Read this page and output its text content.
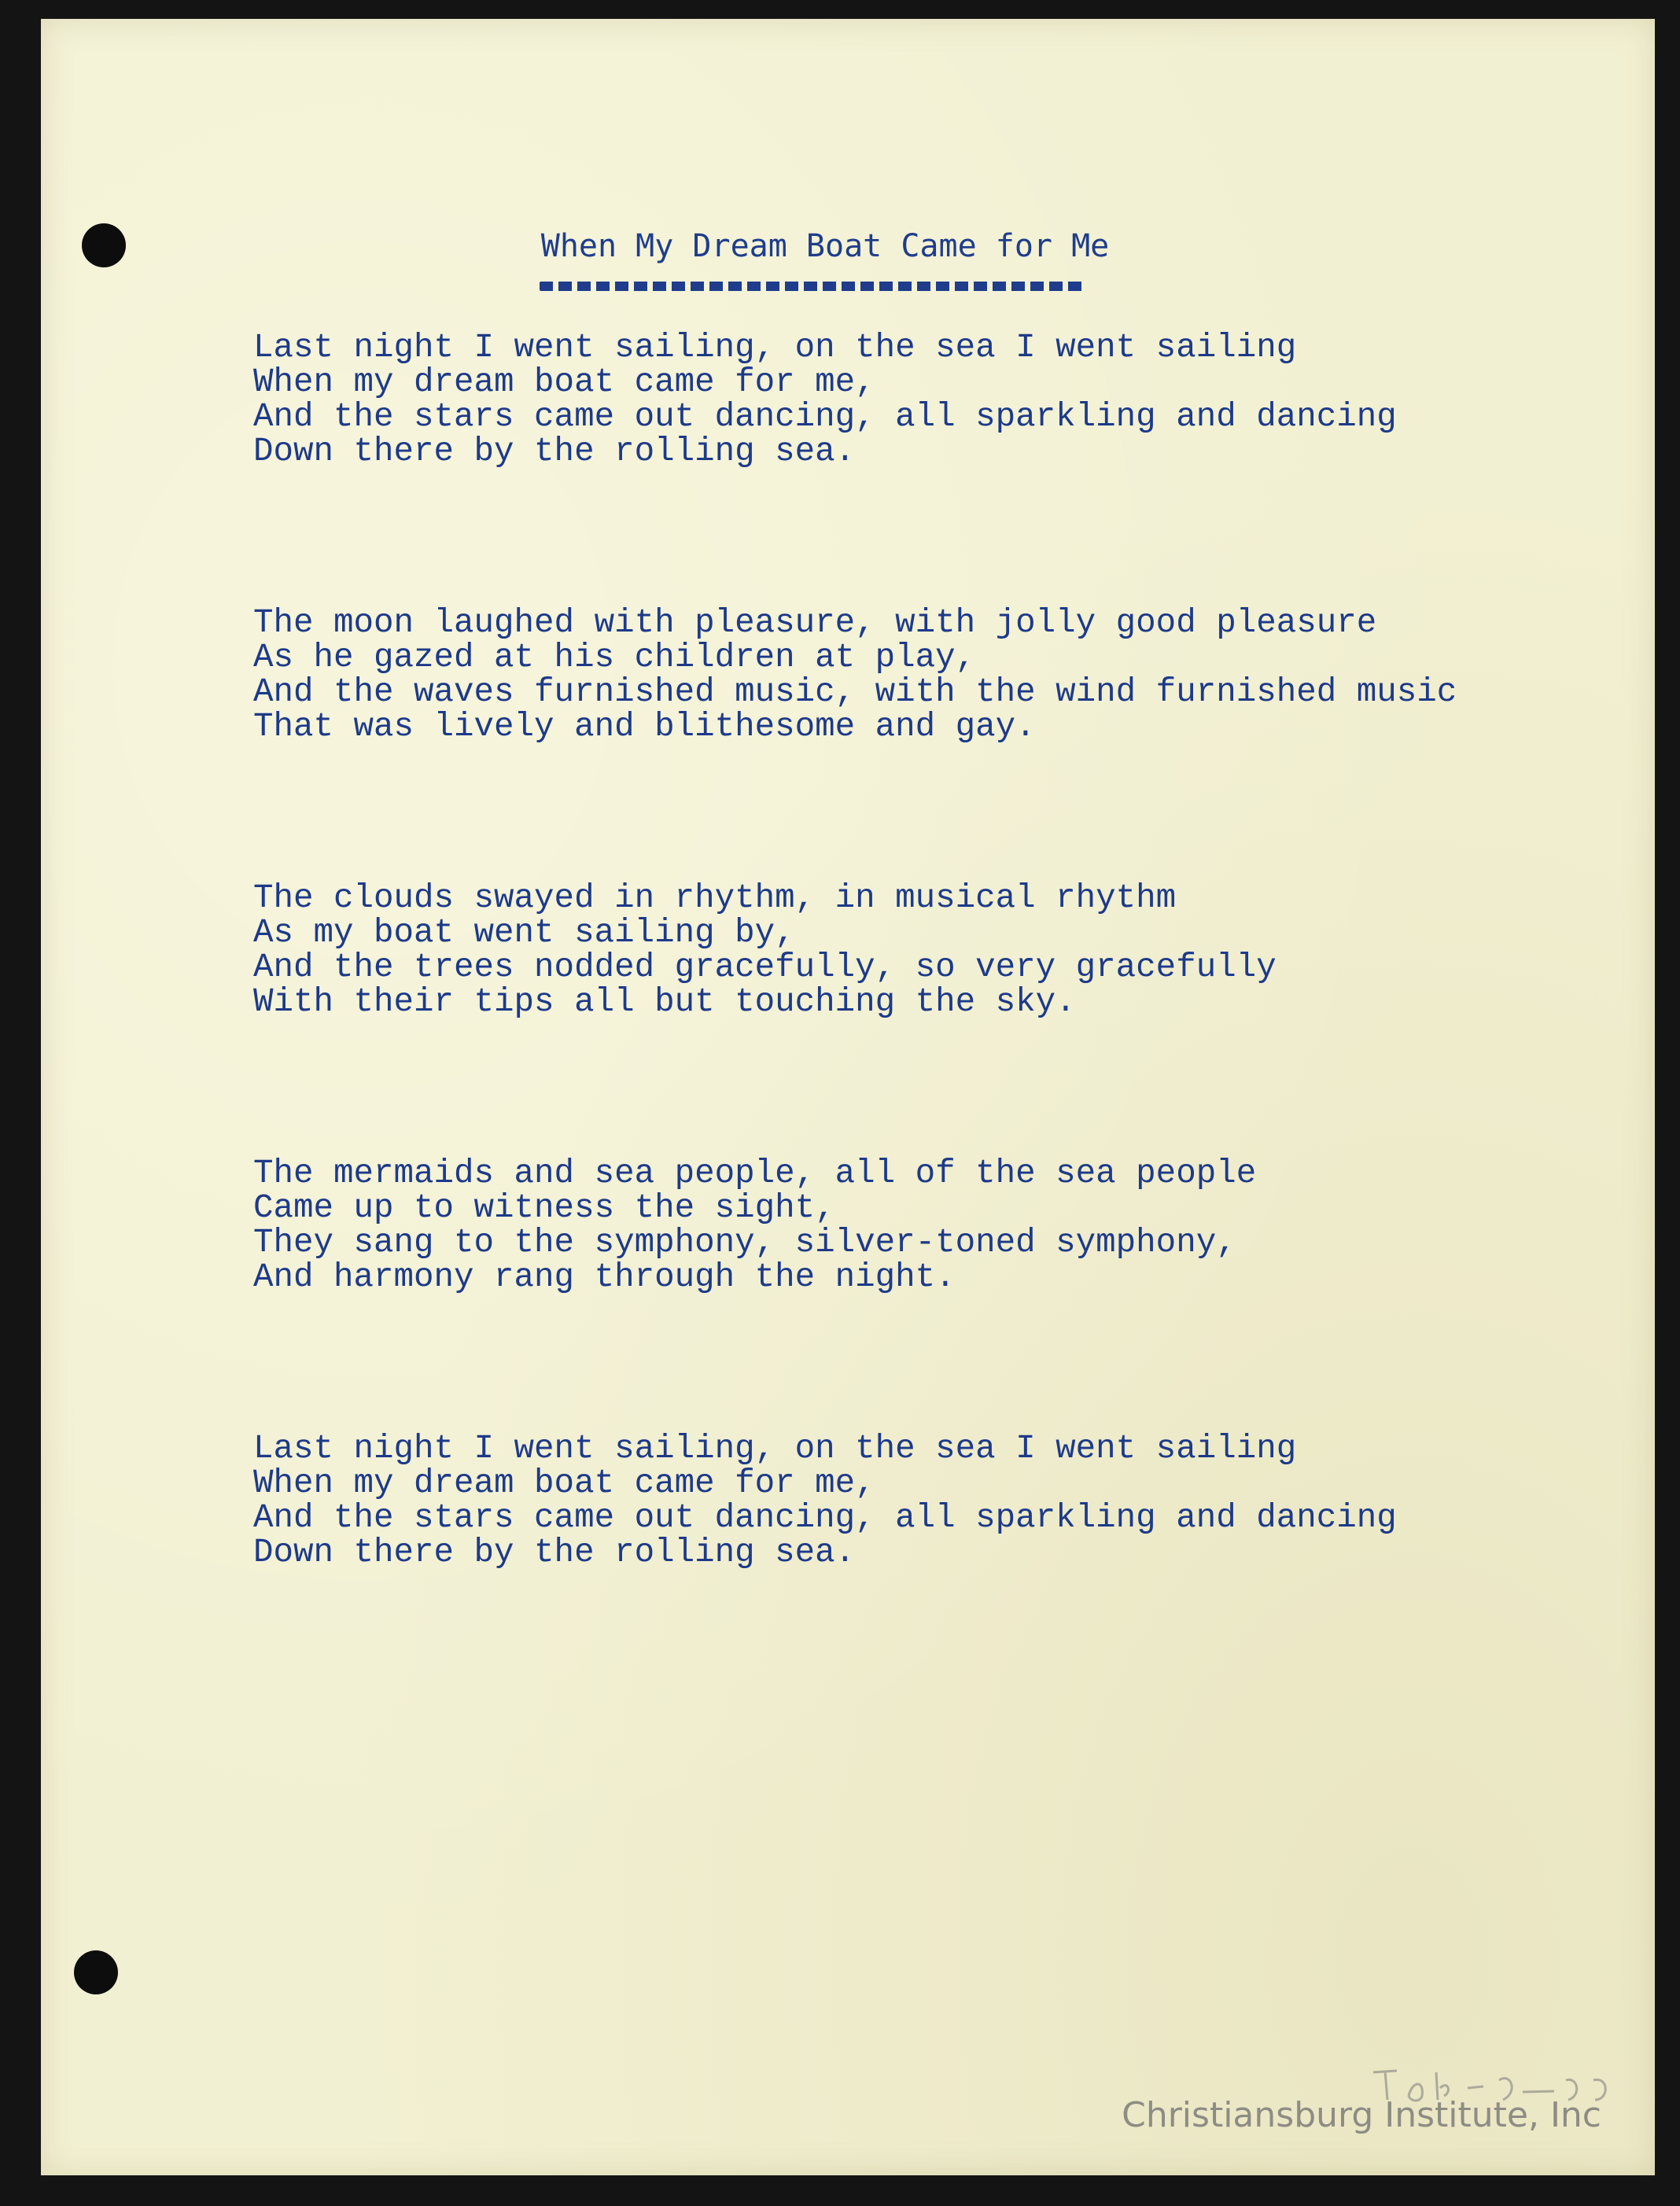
When My Dream Boat Came for Me
Last night I went sailing, on the sea I went sailing
When my dream boat came for me,
And the stars came out dancing, all sparkling and dancing
Down there by the rolling sea.
The moon laughed with pleasure, with jolly good pleasure
As he gazed at his children at play,
And the waves furnished music, with the wind furnished music
That was lively and blithesome and gay.
The clouds swayed in rhythm, in musical rhythm
As my boat went sailing by,
And the trees nodded gracefully, so very gracefully
With their tips all but touching the sky.
The mermaids and sea people, all of the sea people
Came up to witness the sight,
They sang to the symphony, silver-toned symphony,
And harmony rang through the night.
Last night I went sailing, on the sea I went sailing
When my dream boat came for me,
And the stars came out dancing, all sparkling and dancing
Down there by the rolling sea.
Christiansburg Institute, Inc
